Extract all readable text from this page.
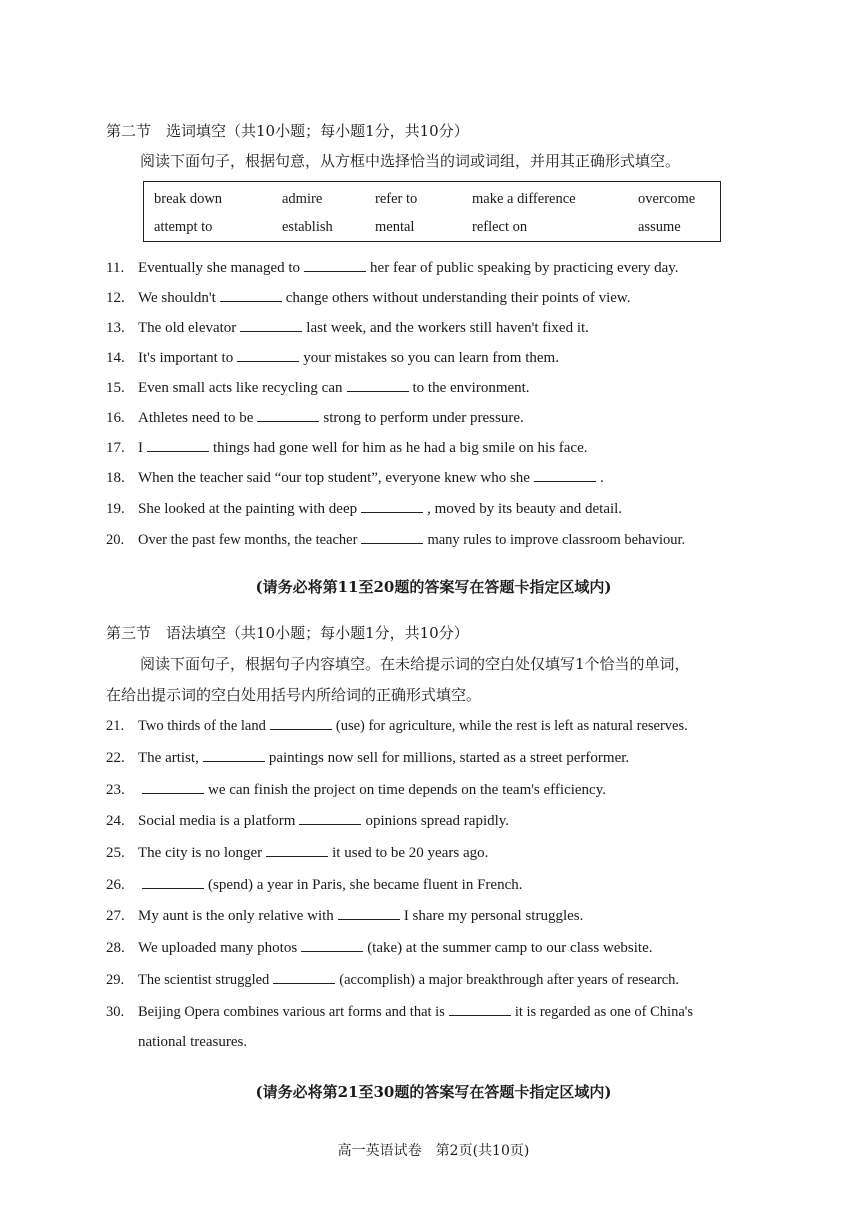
第二节　选词填空（共10小题；每小题1分，共10分）
阅读下面句子，根据句意，从方框中选择恰当的词或词组，并用其正确形式填空。
break down	admire	refer to	make a difference	overcome
attempt to	establish	mental	reflect on	assume
11. Eventually she managed to	her fear of public speaking by practicing every day.
12. We shouldn't	change others without understanding their points of view.
13. The old elevator	last week, and the workers still haven't fixed it.
14. It's important to	your mistakes so you can learn from them.
15. Even small acts like recycling can	to the environment.
16. Athletes need to be	strong to perform under pressure.
17. I	things had gone well for him as he had a big smile on his face.
18. When the teacher said “our top student”, everyone knew who she	.
19. She looked at the painting with deep	, moved by its beauty and detail.
20. Over the past few months, the teacher	many rules to improve classroom behaviour.
(请务必将第11至20题的答案写在答题卡指定区域内)
第三节　语法填空（共10小题；每小题1分，共10分）
阅读下面句子，根据句子内容填空。在未给提示词的空白处仅填写1个恰当的单词，
在给出提示词的空白处用括号内所给词的正确形式填空。
21. Two thirds of the land	(use) for agriculture, while the rest is left as natural reserves.
22. The artist,	paintings now sell for millions, started as a street performer.
23.	we can finish the project on time depends on the team's efficiency.
24. Social media is a platform	opinions spread rapidly.
25. The city is no longer	it used to be 20 years ago.
26.	(spend) a year in Paris, she became fluent in French.
27. My aunt is the only relative with	I share my personal struggles.
28. We uploaded many photos	(take) at the summer camp to our class website.
29. The scientist struggled	(accomplish) a major breakthrough after years of research.
30. Beijing Opera combines various art forms and that is	it is regarded as one of China's
national treasures.
(请务必将第21至30题的答案写在答题卡指定区域内)
高一英语试卷　第2页(共10页)
